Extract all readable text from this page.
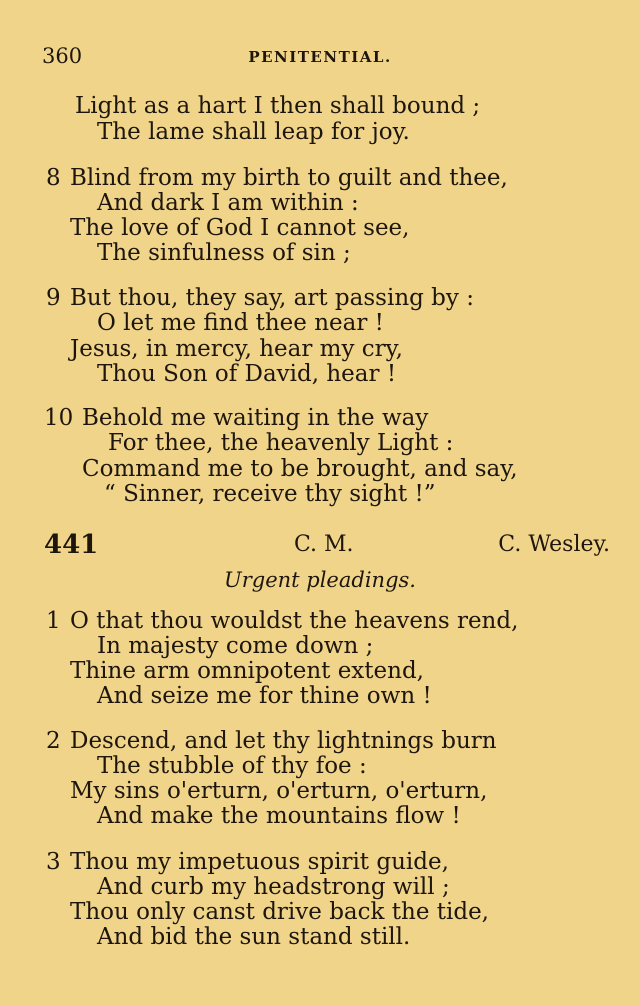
360	PENITENTIAL.
Light as a hart I then shall bound ;
The lame shall leap for joy.
8 Blind from my birth to guilt and thee,
And dark I am within :
The love of God I cannot see,
The sinfulness of sin ;
9 But thou, they say, art passing by :
O let me find thee near !
Jesus, in mercy, hear my cry,
Thou Son of David, hear !
10 Behold me waiting in the way
For thee, the heavenly Light :
Command me to be brought, and say,
“ Sinner, receive thy sight !”
441	C. M.	C. Wesley.
Urgent pleadings.
1 O that thou wouldst the heavens rend,
In majesty come down ;
Thine arm omnipotent extend,
And seize me for thine own !
2 Descend, and let thy lightnings burn
The stubble of thy foe :
My sins o'erturn, o'erturn, o'erturn,
And make the mountains flow !
3 Thou my impetuous spirit guide,
And curb my headstrong will ;
Thou only canst drive back the tide,
And bid the sun stand still.
